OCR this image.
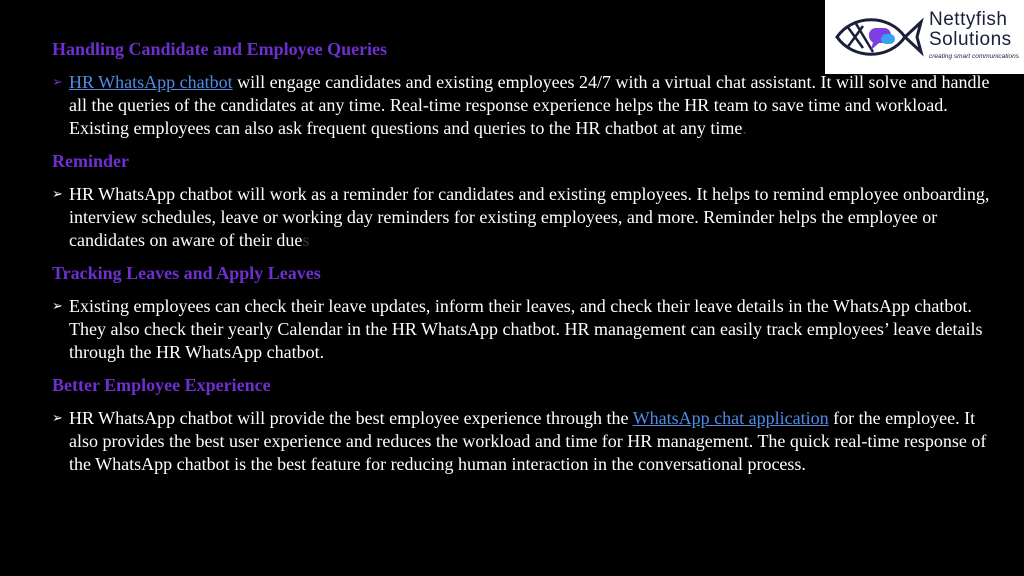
Nettyfish
Solutions
creating smart communications
Handling Candidate and Employee Queries
➢ HR WhatsApp chatbot will engage candidates and existing employees 24/7 with a virtual chat assistant. It will solve and handle all the queries of the candidates at any time. Real-time response experience helps the HR team to save time and workload. Existing employees can also ask frequent questions and queries to the HR chatbot at any time.
Reminder
➢ HR WhatsApp chatbot will work as a reminder for candidates and existing employees. It helps to remind employee onboarding, interview schedules, leave or working day reminders for existing employees, and more. Reminder helps the employee or candidates on aware of their dues
Tracking Leaves and Apply Leaves
➢ Existing employees can check their leave updates, inform their leaves, and check their leave details in the WhatsApp chatbot. They also check their yearly Calendar in the HR WhatsApp chatbot. HR management can easily track employees’ leave details through the HR WhatsApp chatbot.
Better Employee Experience
➢ HR WhatsApp chatbot will provide the best employee experience through the WhatsApp chat application for the employee. It also provides the best user experience and reduces the workload and time for HR management. The quick real-time response of the WhatsApp chatbot is the best feature for reducing human interaction in the conversational process.
